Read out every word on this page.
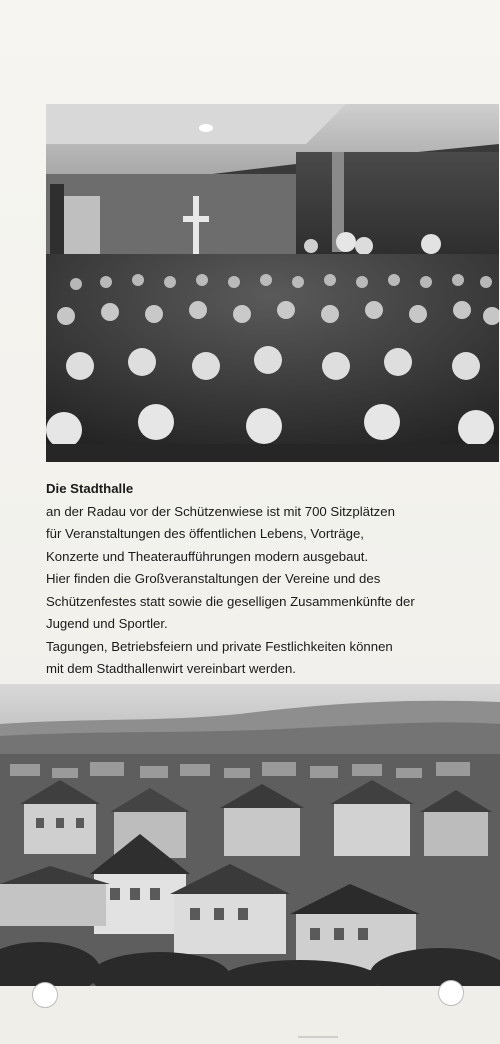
Die Stadthalle

an der Radau vor der Schützenwiese ist mit 700 Sitzplätzen

für Veranstaltungen des öffentlichen Lebens, Vorträge,

Konzerte und Theateraufführungen modern ausgebaut.

Hier finden die Großveranstaltungen der Vereine und des

Schützenfestes statt sowie die geselligen Zusammenkünfte der

Jugend und Sportler.

Tagungen, Betriebsfeiern und private Festlichkeiten können

mit dem Stadthallenwirt vereinbart werden.
